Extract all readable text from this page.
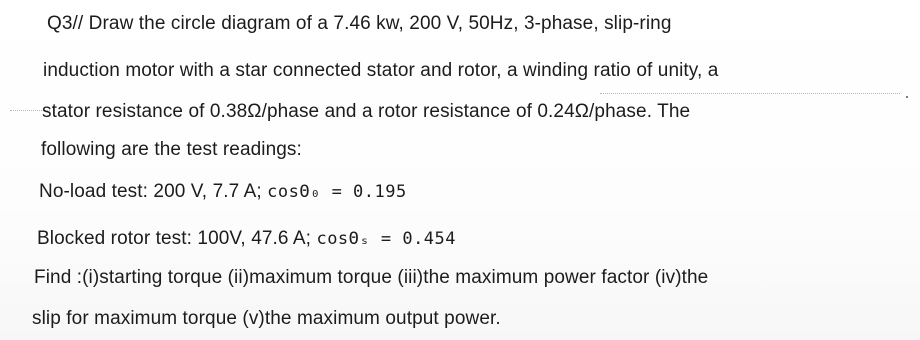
Q3// Draw the circle diagram of a 7.46 kw, 200 V, 50Hz, 3-phase, slip-ring
induction motor with a star connected stator and rotor, a winding ratio of unity, a
stator resistance of 0.38Ω/phase and a rotor resistance of 0.24Ω/phase. The
following are the test readings:
No-load test: 200 V, 7.7 A; cosΘ₀ = 0.195
Blocked rotor test: 100V, 47.6 A; cosΘₛ = 0.454
Find :(i)starting torque (ii)maximum torque (iii)the maximum power factor (iv)the
slip for maximum torque (v)the maximum output power.
